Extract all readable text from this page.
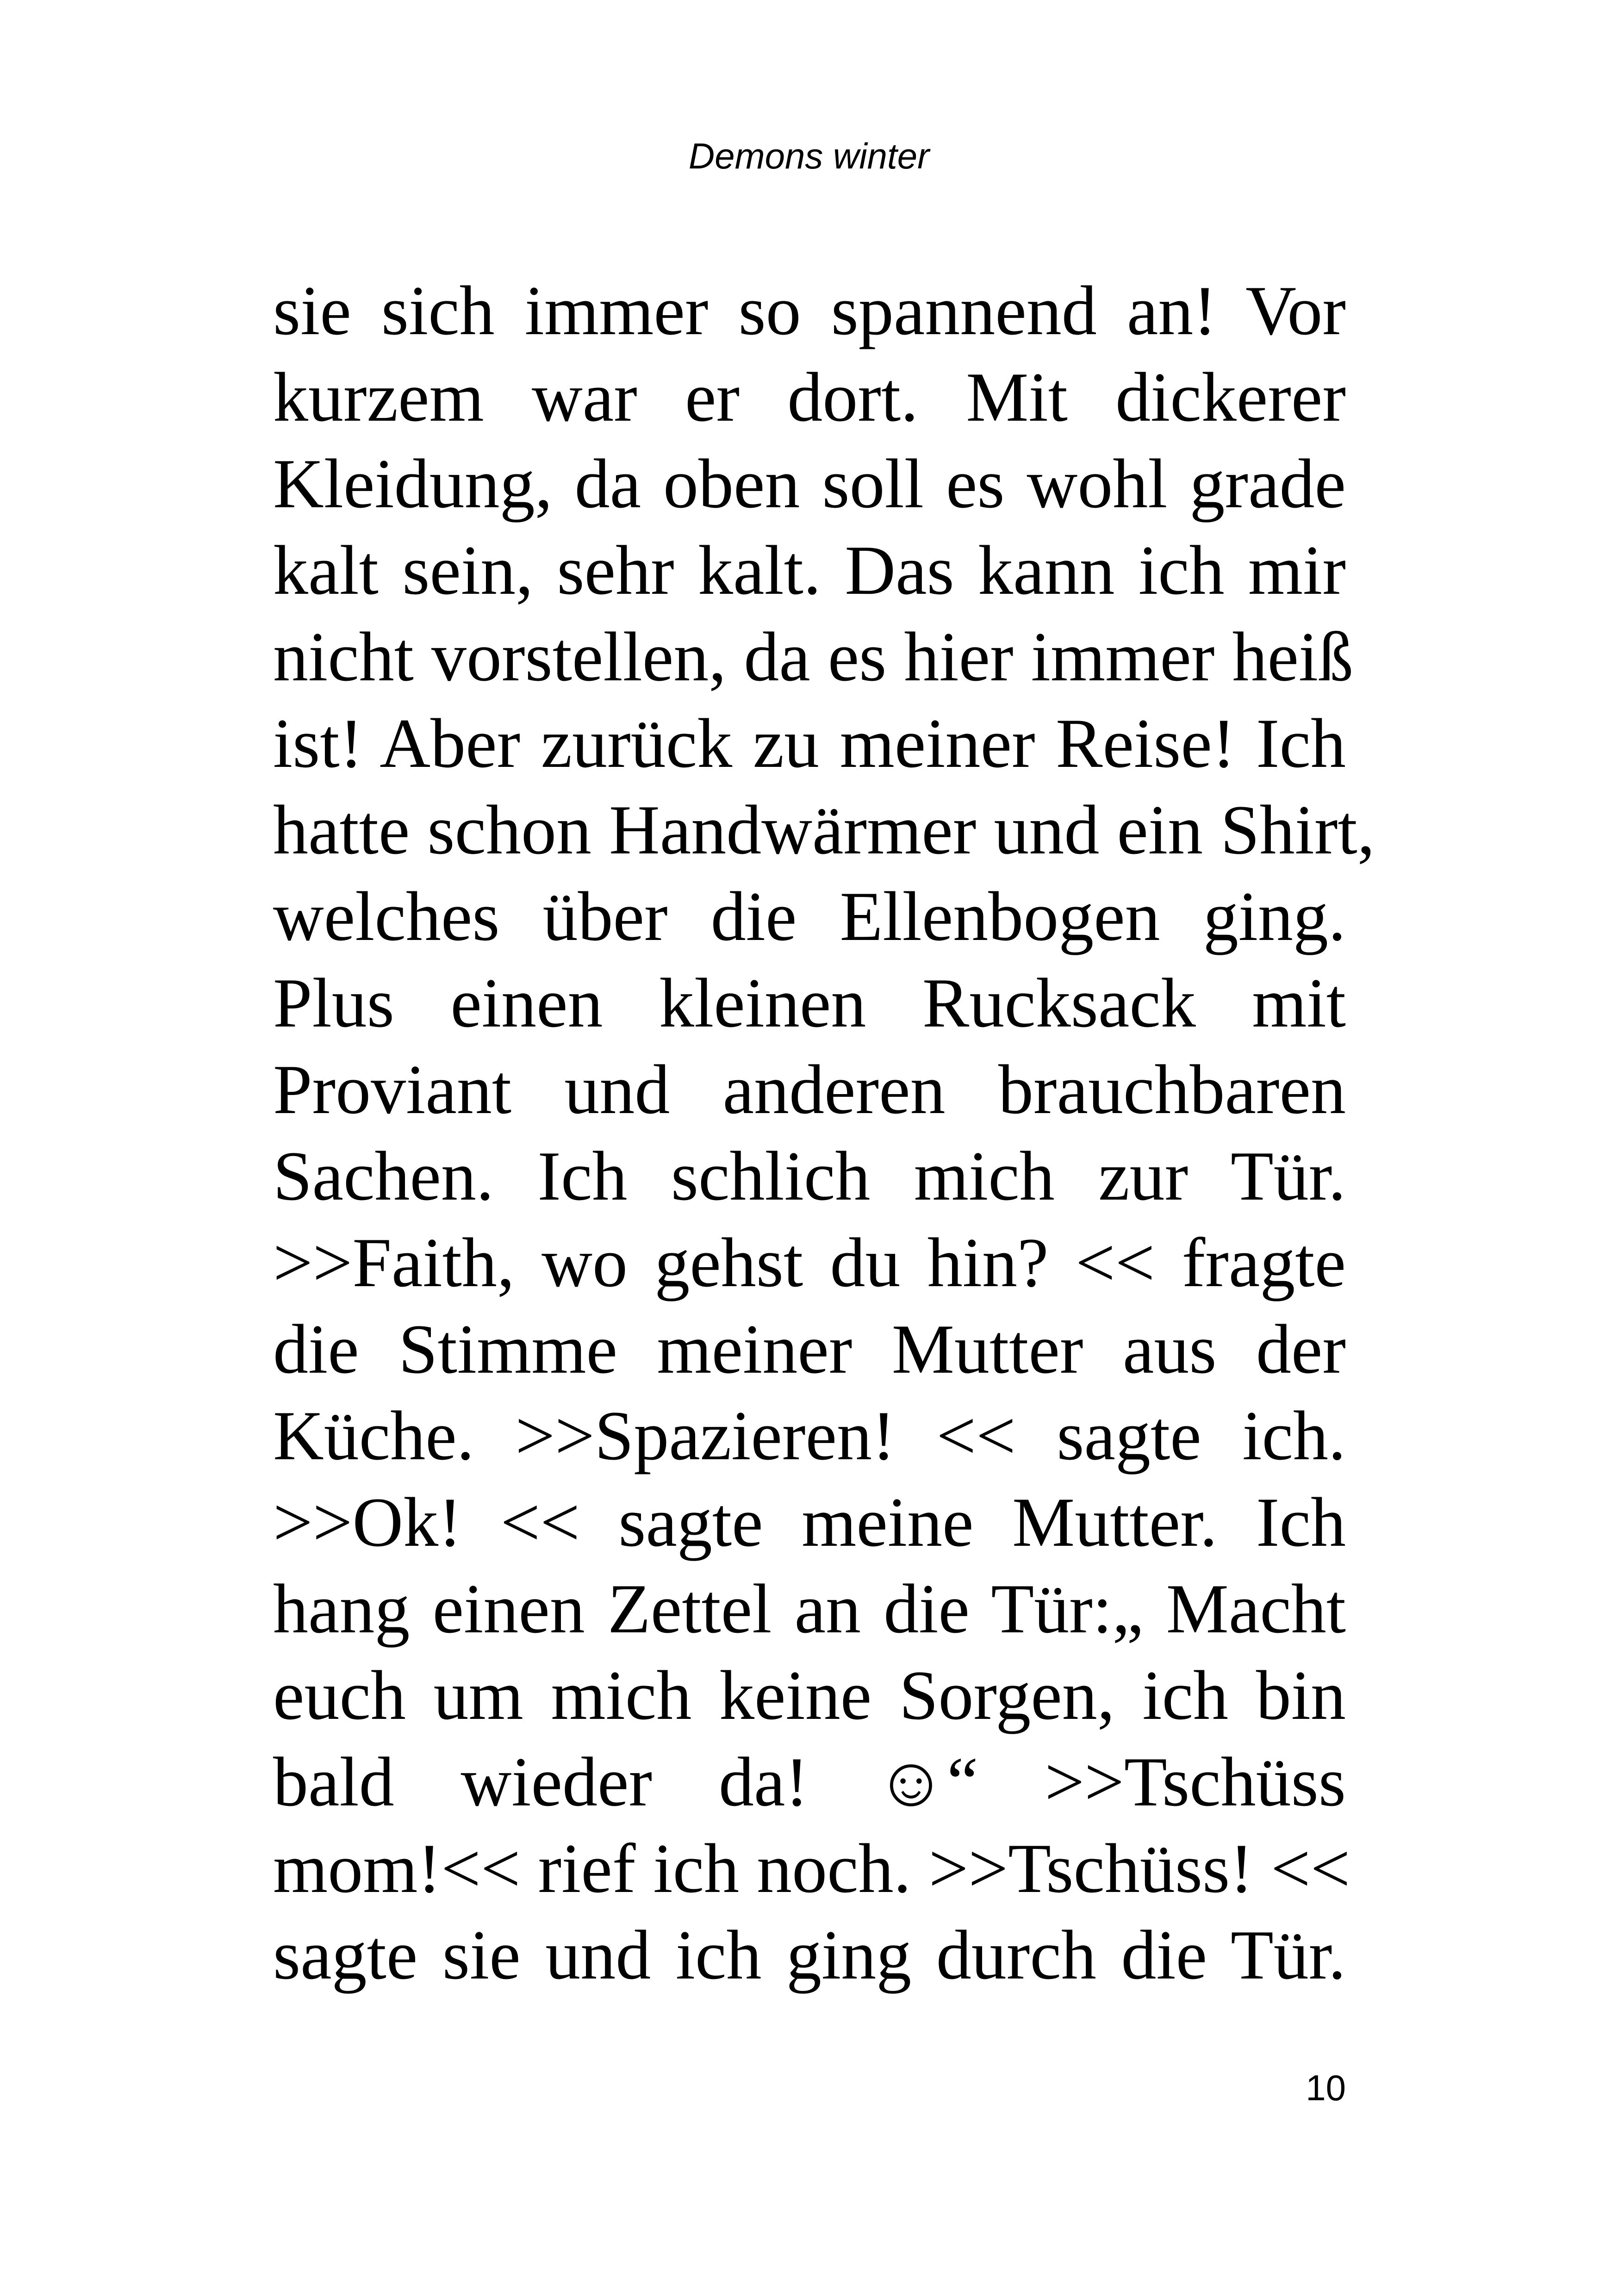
Demons winter
sie sich immer so spannend an! Vor
kurzem war er dort. Mit dickerer
Kleidung, da oben soll es wohl grade
kalt sein, sehr kalt. Das kann ich mir
nicht vorstellen, da es hier immer heiß
ist! Aber zurück zu meiner Reise! Ich
hatte schon Handwärmer und ein Shirt,
welches über die Ellenbogen ging.
Plus einen kleinen Rucksack mit
Proviant und anderen brauchbaren
Sachen. Ich schlich mich zur Tür.
>>Faith, wo gehst du hin? << fragte
die Stimme meiner Mutter aus der
Küche. >>Spazieren! << sagte ich.
>>Ok! << sagte meine Mutter. Ich
hang einen Zettel an die Tür:„ Macht
euch um mich keine Sorgen, ich bin
bald wieder da! ☺“ >>Tschüss
mom!<< rief ich noch. >>Tschüss! <<
sagte sie und ich ging durch die Tür.
10
